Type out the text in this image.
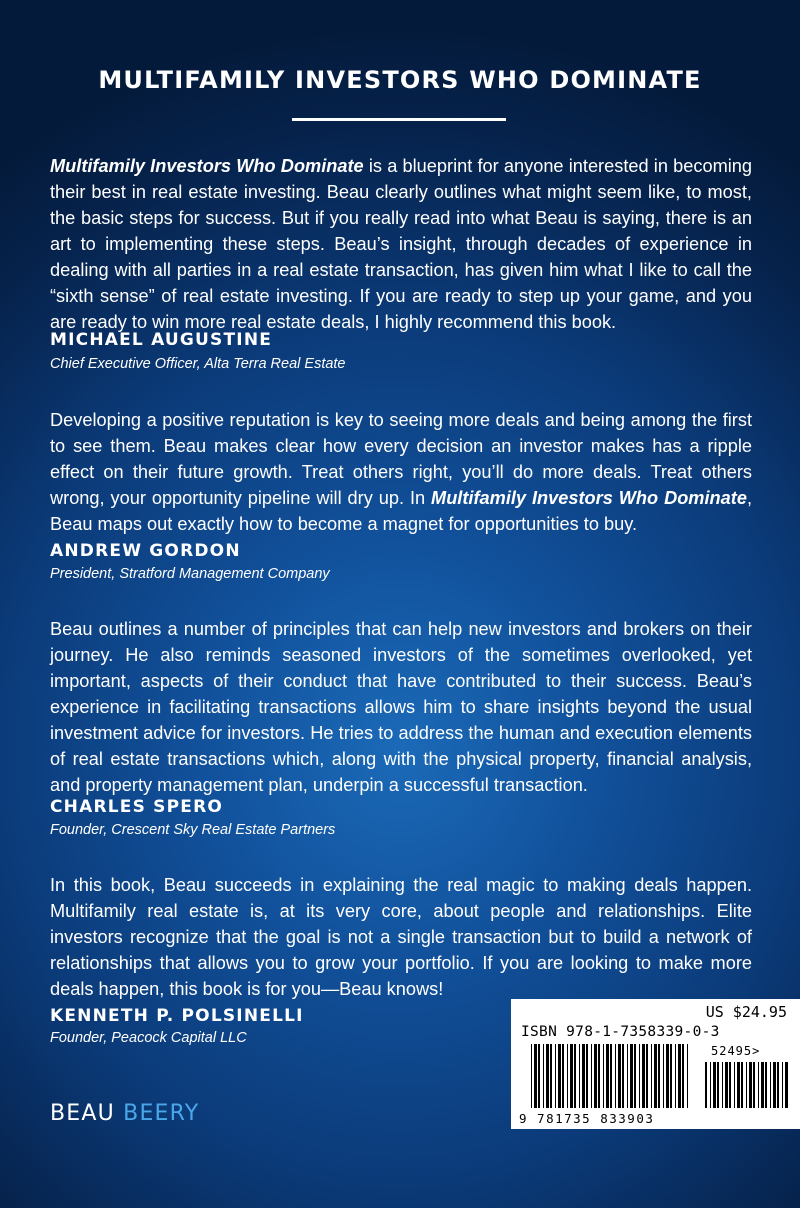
MULTIFAMILY INVESTORS WHO DOMINATE

Multifamily Investors Who Dominate is a blueprint for anyone interested in becoming their best in real estate investing. Beau clearly outlines what might seem like, to most, the basic steps for success. But if you really read into what Beau is saying, there is an art to implementing these steps. Beau’s insight, through decades of experience in dealing with all parties in a real estate transaction, has given him what I like to call the “sixth sense” of real estate investing. If you are ready to step up your game, and you are ready to win more real estate deals, I highly recommend this book.

MICHAEL AUGUSTINE

Chief Executive Officer, Alta Terra Real Estate

Developing a positive reputation is key to seeing more deals and being among the first to see them. Beau makes clear how every decision an investor makes has a ripple effect on their future growth. Treat others right, you’ll do more deals. Treat others wrong, your opportunity pipeline will dry up. In Multifamily Investors Who Dominate, Beau maps out exactly how to become a magnet for opportunities to buy.

ANDREW GORDON

President, Stratford Management Company

Beau outlines a number of principles that can help new investors and brokers on their journey. He also reminds seasoned investors of the sometimes overlooked, yet important, aspects of their conduct that have contributed to their success. Beau’s experience in facilitating transactions allows him to share insights beyond the usual investment advice for investors. He tries to address the human and execution elements of real estate transactions which, along with the physical property, financial analysis, and property management plan, underpin a successful transaction.

CHARLES SPERO

Founder, Crescent Sky Real Estate Partners

In this book, Beau succeeds in explaining the real magic to making deals happen. Multifamily real estate is, at its very core, about people and relationships. Elite investors recognize that the goal is not a single transaction but to build a network of relationships that allows you to grow your portfolio. If you are looking to make more deals happen, this book is for you—Beau knows!

KENNETH P. POLSINELLI

Founder, Peacock Capital LLC

BEAU BEERY

US $24.95

ISBN 978-1-7358339-0-3

52495>

9 781735 833903
